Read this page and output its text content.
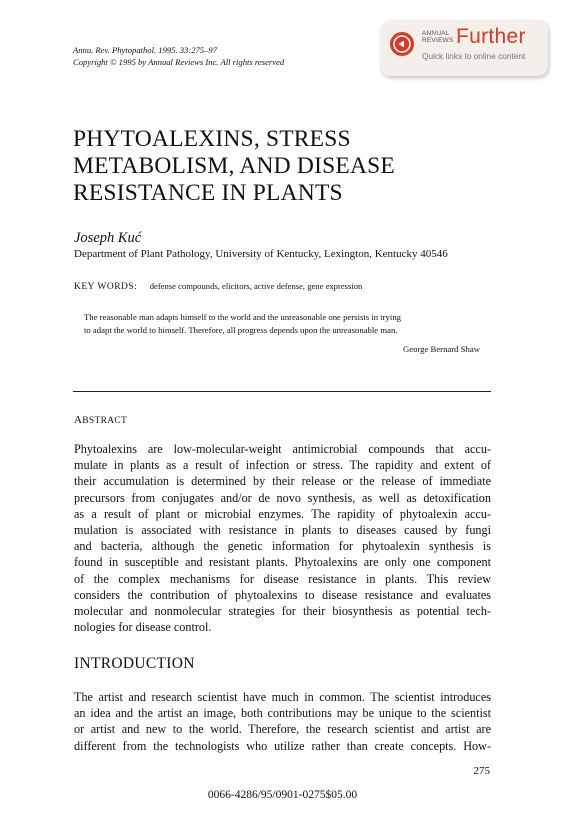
Annu. Rev. Phytopathol. 1995. 33:275–97
Copyright © 1995 by Annual Reviews Inc. All rights reserved
ANNUAL
REVIEWS Further
Quick links to online content
PHYTOALEXINS, STRESS
METABOLISM, AND DISEASE
RESISTANCE IN PLANTS
Joseph Kuć
Department of Plant Pathology, University of Kentucky, Lexington, Kentucky 40546
KEY WORDS: defense compounds, elicitors, active defense, gene expression
The reasonable man adapts himself to the world and the unreasonable one persists in trying
to adapt the world to himself. Therefore, all progress depends upon the unreasonable man.
George Bernard Shaw
ABSTRACT
Phytoalexins are low-molecular-weight antimicrobial compounds that accu-
mulate in plants as a result of infection or stress. The rapidity and extent of
their accumulation is determined by their release or the release of immediate
precursors from conjugates and/or de novo synthesis, as well as detoxification
as a result of plant or microbial enzymes. The rapidity of phytoalexin accu-
mulation is associated with resistance in plants to diseases caused by fungi
and bacteria, although the genetic information for phytoalexin synthesis is
found in susceptible and resistant plants. Phytoalexins are only one component
of the complex mechanisms for disease resistance in plants. This review
considers the contribution of phytoalexins to disease resistance and evaluates
molecular and nonmolecular strategies for their biosynthesis as potential tech-
nologies for disease control.
INTRODUCTION
The artist and research scientist have much in common. The scientist introduces
an idea and the artist an image, both contributions may be unique to the scientist
or artist and new to the world. Therefore, the research scientist and artist are
different from the technologists who utilize rather than create concepts. How-
275
0066-4286/95/0901-0275$05.00
